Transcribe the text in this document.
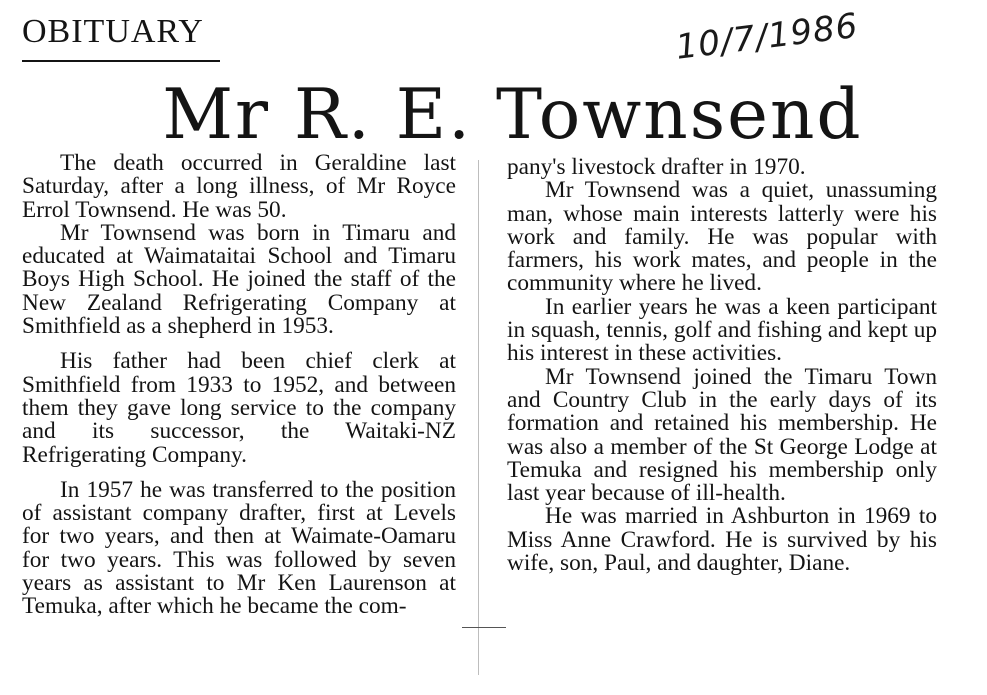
OBITUARY	10/7/1986
Mr R. E. Townsend

The death occurred in Geraldine last Saturday, after a long illness, of Mr Royce Errol Townsend. He was 50.

Mr Townsend was born in Timaru and educated at Waimataitai School and Timaru Boys High School. He joined the staff of the New Zealand Refrigerating Company at Smithfield as a shepherd in 1953.

His father had been chief clerk at Smithfield from 1933 to 1952, and between them they gave long service to the company and its successor, the Waitaki-NZ Refrigerating Company.

In 1957 he was transferred to the position of assistant company drafter, first at Levels for two years, and then at Waimate-Oamaru for two years. This was followed by seven years as assistant to Mr Ken Laurenson at Temuka, after which he became the com-

pany's livestock drafter in 1970.

Mr Townsend was a quiet, unassuming man, whose main interests latterly were his work and family. He was popular with farmers, his work mates, and people in the community where he lived.

In earlier years he was a keen participant in squash, tennis, golf and fishing and kept up his interest in these activities.

Mr Townsend joined the Timaru Town and Country Club in the early days of its formation and retained his membership. He was also a member of the St George Lodge at Temuka and resigned his membership only last year because of ill-health.

He was married in Ashburton in 1969 to Miss Anne Crawford. He is survived by his wife, son, Paul, and daughter, Diane.
